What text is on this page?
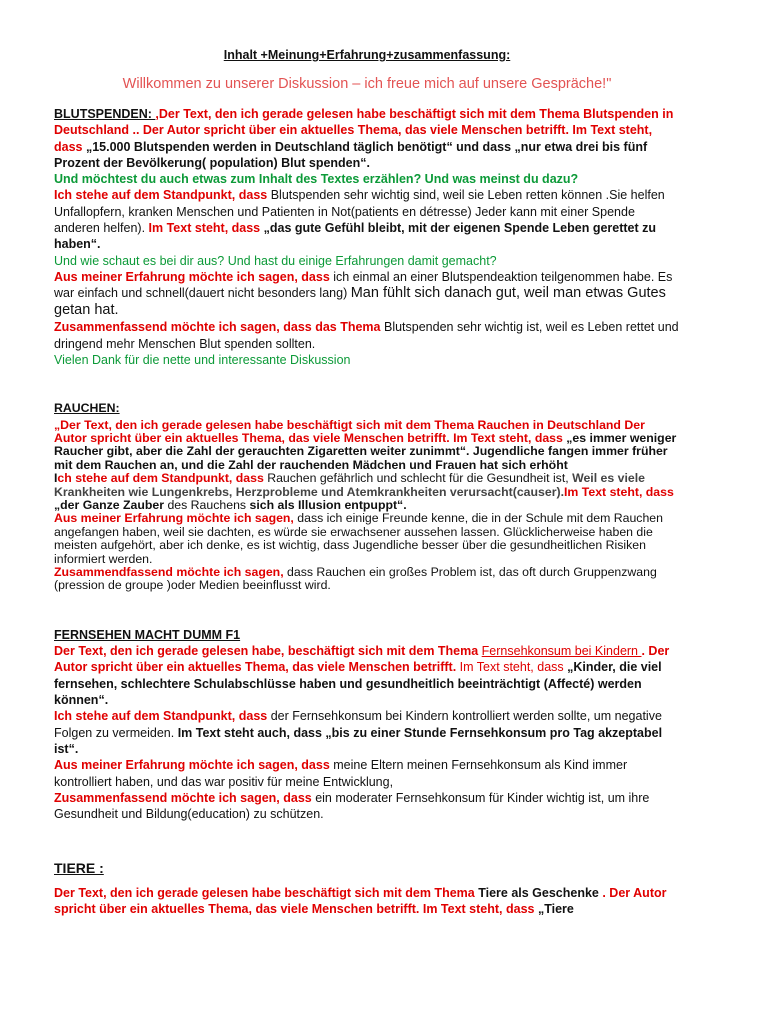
Inhalt +Meinung+Erfahrung+zusammenfassung:

Willkommen zu unserer Diskussion – ich freue mich auf unsere Gespräche!"

BLUTSPENDEN: ,Der Text, den ich gerade gelesen habe beschäftigt sich mit dem Thema Blutspenden in Deutschland .. Der Autor spricht über ein aktuelles Thema, das viele Menschen betrifft. Im Text steht, dass „15.000 Blutspenden werden in Deutschland täglich benötigt“ und dass „nur etwa drei bis fünf Prozent der Bevölkerung( population) Blut spenden“.

Und möchtest du auch etwas zum Inhalt des Textes erzählen? Und was meinst du dazu?

Ich stehe auf dem Standpunkt, dass Blutspenden sehr wichtig sind, weil sie Leben retten können .Sie helfen Unfallopfern, kranken Menschen und Patienten in Not(patients en détresse) Jeder kann mit einer Spende anderen helfen). Im Text steht, dass „das gute Gefühl bleibt, mit der eigenen Spende Leben gerettet zu haben“.

Und wie schaut es bei dir aus? Und hast du einige Erfahrungen damit gemacht?

Aus meiner Erfahrung möchte ich sagen, dass ich einmal an einer Blutspendeaktion teilgenommen habe. Es war einfach und schnell(dauert nicht besonders lang) Man fühlt sich danach gut, weil man etwas Gutes getan hat.

Zusammenfassend möchte ich sagen, dass das Thema Blutspenden sehr wichtig ist, weil es Leben rettet und dringend mehr Menschen Blut spenden sollten.

Vielen Dank für die nette und interessante Diskussion

RAUCHEN:

„Der Text, den ich gerade gelesen habe beschäftigt sich mit dem Thema Rauchen in Deutschland Der Autor spricht über ein aktuelles Thema, das viele Menschen betrifft. Im Text steht, dass „es immer weniger Raucher gibt, aber die Zahl der gerauchten Zigaretten weiter zunimmt“. Jugendliche fangen immer früher mit dem Rauchen an, und die Zahl der rauchenden Mädchen und Frauen hat sich erhöht

Ich stehe auf dem Standpunkt, dass Rauchen gefährlich und schlecht für die Gesundheit ist, Weil es viele Krankheiten wie Lungenkrebs, Herzprobleme und Atemkrankheiten verursacht(causer).Im Text steht, dass „der Ganze Zauber des Rauchens sich als Illusion entpuppt“.

Aus meiner Erfahrung möchte ich sagen, dass ich einige Freunde kenne, die in der Schule mit dem Rauchen angefangen haben, weil sie dachten, es würde sie erwachsener aussehen lassen. Glücklicherweise haben die meisten aufgehört, aber ich denke, es ist wichtig, dass Jugendliche besser über die gesundheitlichen Risiken informiert werden.

Zusammendfassend möchte ich sagen, dass Rauchen ein großes Problem ist, das oft durch Gruppenzwang (pression de groupe )oder Medien beeinflusst wird.

FERNSEHEN MACHT DUMM F1

Der Text, den ich gerade gelesen habe, beschäftigt sich mit dem Thema Fernsehkonsum bei Kindern . Der Autor spricht über ein aktuelles Thema, das viele Menschen betrifft. Im Text steht, dass „Kinder, die viel fernsehen, schlechtere Schulabschlüsse haben und gesundheitlich beeinträchtigt (Affecté) werden können“.

Ich stehe auf dem Standpunkt, dass der Fernsehkonsum bei Kindern kontrolliert werden sollte, um negative Folgen zu vermeiden. Im Text steht auch, dass „bis zu einer Stunde Fernsehkonsum pro Tag akzeptabel ist“.

Aus meiner Erfahrung möchte ich sagen, dass meine Eltern meinen Fernsehkonsum als Kind immer kontrolliert haben, und das war positiv für meine Entwicklung,

Zusammenfassend möchte ich sagen, dass ein moderater Fernsehkonsum für Kinder wichtig ist, um ihre Gesundheit und Bildung(education) zu schützen.

TIERE :

Der Text, den ich gerade gelesen habe beschäftigt sich mit dem Thema Tiere als Geschenke . Der Autor spricht über ein aktuelles Thema, das viele Menschen betrifft. Im Text steht, dass „Tiere
